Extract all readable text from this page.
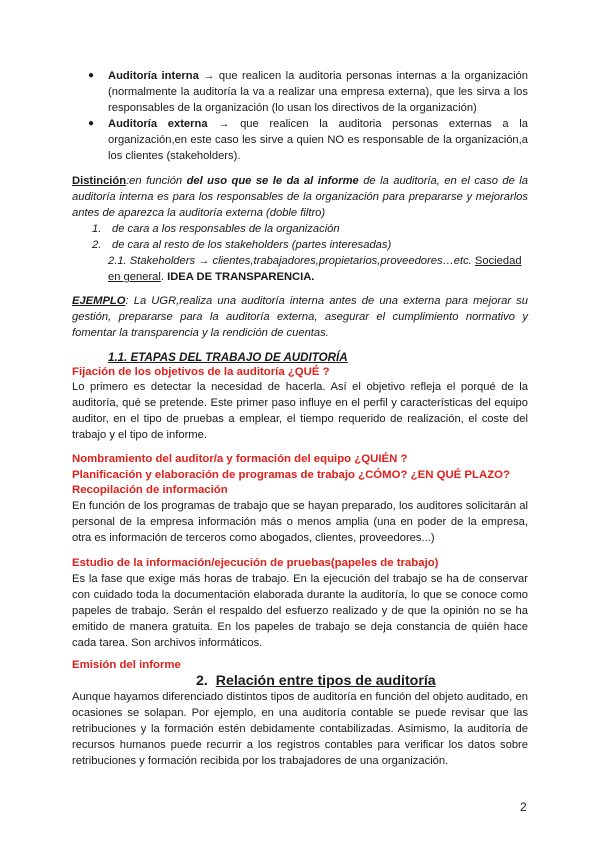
● Auditoría interna → que realicen la auditoria personas internas a la organización (normalmente la auditoría la va a realizar una empresa externa), que les sirva a los responsables de la organización (lo usan los directivos de la organización)
● Auditoría externa → que realicen la auditoria personas externas a la organización,en este caso les sirve a quien NO es responsable de la organización,a los clientes (stakeholders).
Distinción:en función del uso que se le da al informe de la auditoría, en el caso de la auditoría interna es para los responsables de la organización para prepararse y mejorarlos antes de aparezca la auditoría externa (doble filtro)
1. de cara a los responsables de la organización
2. de cara al resto de los stakeholders (partes interesadas)
2.1. Stakeholders → clientes,trabajadores,propietarios,proveedores…etc. Sociedad en general. IDEA DE TRANSPARENCIA.
EJEMPLO: La UGR,realiza una auditoría interna antes de una externa para mejorar su gestión, prepararse para la auditoría externa, asegurar el cumplimiento normativo y fomentar la transparencia y la rendición de cuentas.
1.1. ETAPAS DEL TRABAJO DE AUDITORÍA
Fijación de los objetivos de la auditoría ¿QUÉ ?
Lo primero es detectar la necesidad de hacerla. Así el objetivo refleja el porqué de la auditoría, qué se pretende. Este primer paso influye en el perfil y características del equipo auditor, en el tipo de pruebas a emplear, el tiempo requerido de realización, el coste del trabajo y el tipo de informe.
Nombramiento del auditor/a y formación del equipo ¿QUIÉN ?
Planificación y elaboración de programas de trabajo ¿CÓMO? ¿EN QUÉ PLAZO?
Recopilación de información
En función de los programas de trabajo que se hayan preparado, los auditores solicitarán al personal de la empresa información más o menos amplia (una en poder de la empresa, otra es información de terceros como abogados, clientes, proveedores...)
Estudio de la información/ejecución de pruebas(papeles de trabajo)
Es la fase que exige más horas de trabajo. En la ejecución del trabajo se ha de conservar con cuidado toda la documentación elaborada durante la auditoría, lo que se conoce como papeles de trabajo. Serán el respaldo del esfuerzo realizado y de que la opinión no se ha emitido de manera gratuita. En los papeles de trabajo se deja constancia de quién hace cada tarea. Son archivos informáticos.
Emisión del informe
2. Relación entre tipos de auditoría
Aunque hayamos diferenciado distintos tipos de auditoría en función del objeto auditado, en ocasiones se solapan. Por ejemplo, en una auditoría contable se puede revisar que las retribuciones y la formación estén debidamente contabilizadas. Asimismo, la auditoría de recursos humanos puede recurrir a los registros contables para verificar los datos sobre retribuciones y formación recibida por los trabajadores de una organización.
2
